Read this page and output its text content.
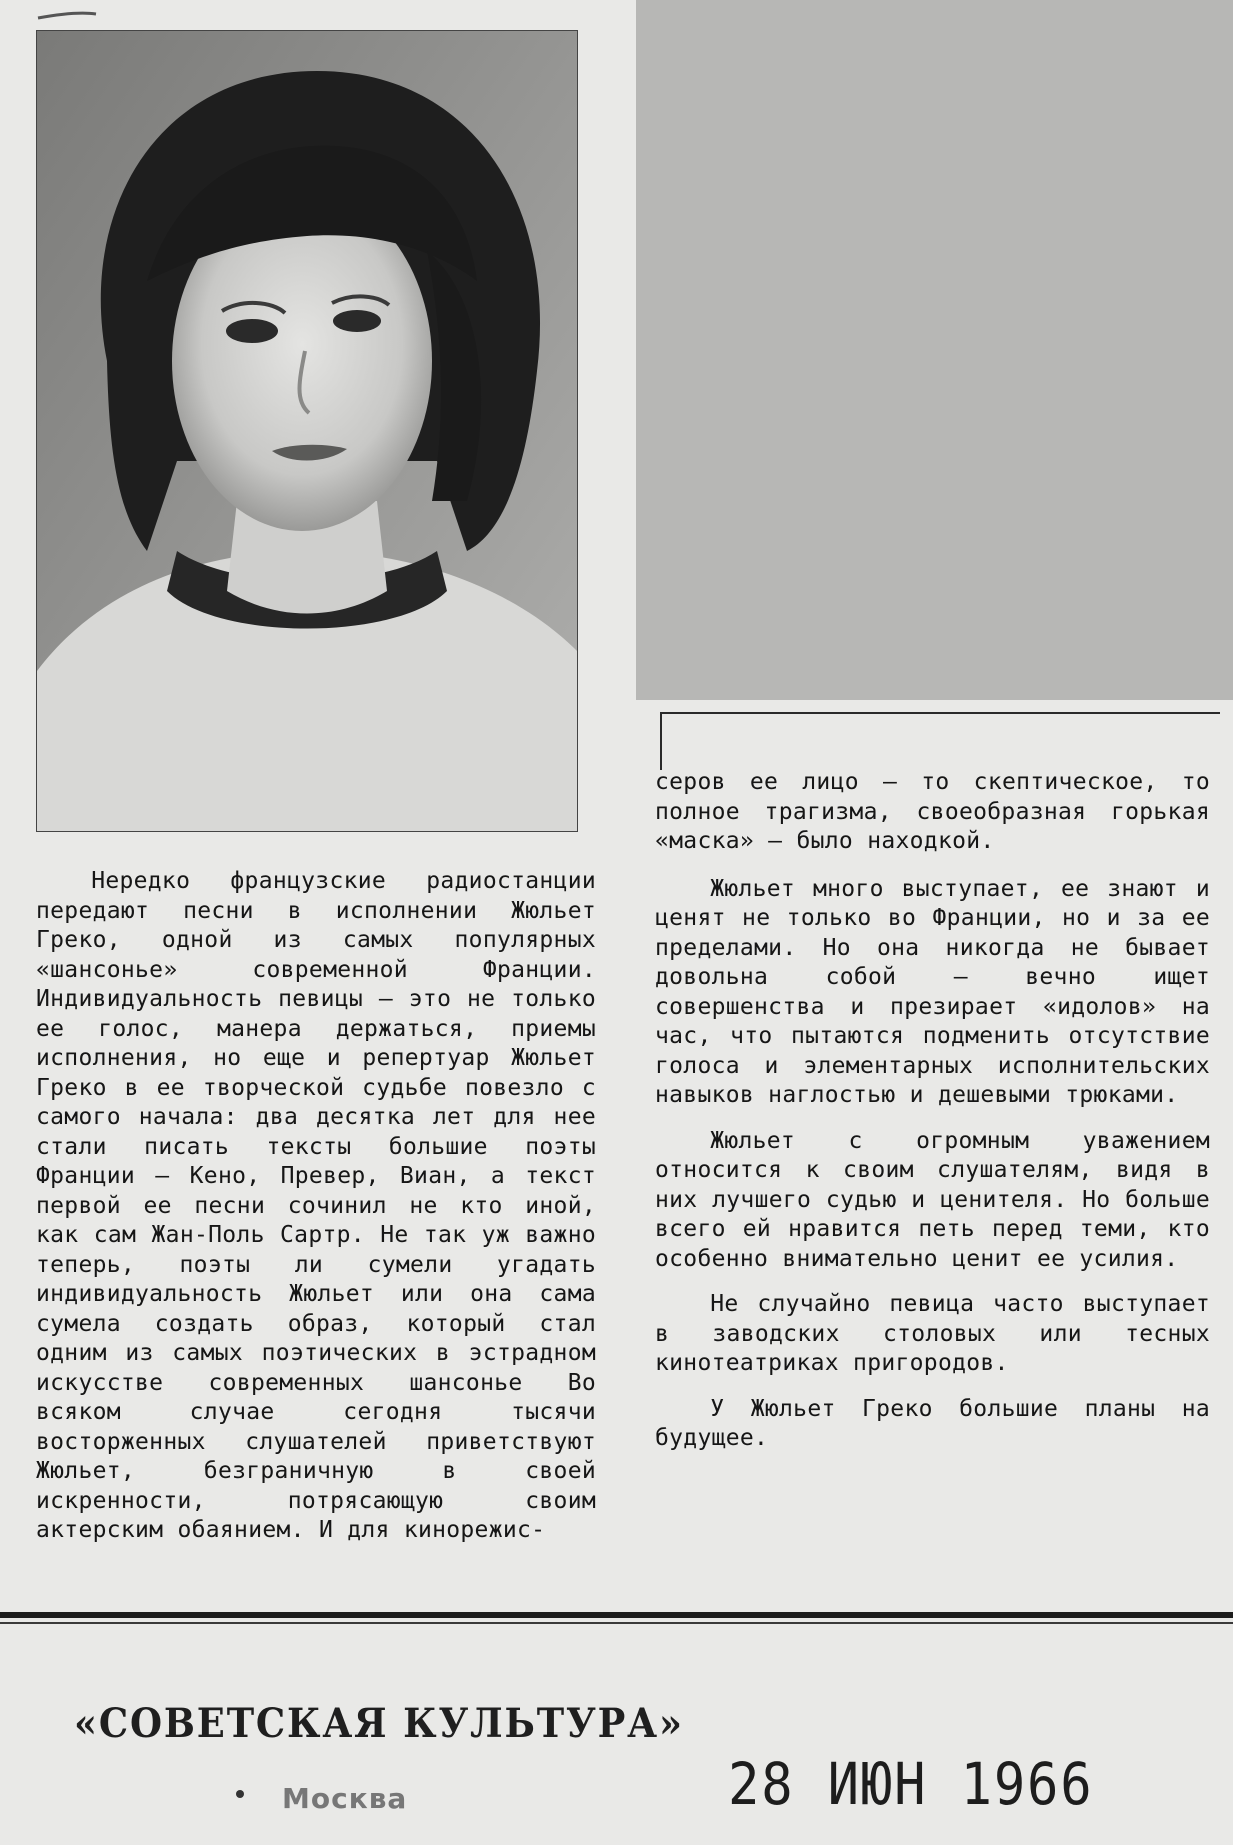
Нередко французские радиостанции передают песни в исполнении Жюльет Греко, одной из самых популярных «шансонье» современной Франции. Индивидуальность певицы — это не только ее голос, манера держаться, приемы исполнения, но еще и репертуар Жюльет Греко в ее творческой судьбе повезло с самого начала: два десятка лет для нее стали писать тексты большие поэты Франции — Кено, Превер, Виан, а текст первой ее песни сочинил не кто иной, как сам Жан-Поль Сартр. Не так уж важно теперь, поэты ли сумели угадать индивидуальность Жюльет или она сама сумела создать образ, который стал одним из самых поэтических в эстрадном искусстве современных шансонье Во всяком случае сегодня тысячи восторженных слушателей приветствуют Жюльет, безграничную в своей искренности, потрясающую своим актерским обаянием. И для кинорежис-

серов ее лицо — то скептическое, то полное трагизма, своеобразная горькая «маска» — было находкой.

Жюльет много выступает, ее знают и ценят не только во Франции, но и за ее пределами. Но она никогда не бывает довольна собой — вечно ищет совершенства и презирает «идолов» на час, что пытаются подменить отсутствие голоса и элементарных исполнительских навыков наглостью и дешевыми трюками.

Жюльет с огромным уважением относится к своим слушателям, видя в них лучшего судью и ценителя. Но больше всего ей нравится петь перед теми, кто особенно внимательно ценит ее усилия.

Не случайно певица часто выступает в заводских столовых или тесных кинотеатриках пригородов.

У Жюльет Греко большие планы на будущее.

«СОВЕТСКАЯ КУЛЬТУРА»
Москва	28 ИЮН 1966
